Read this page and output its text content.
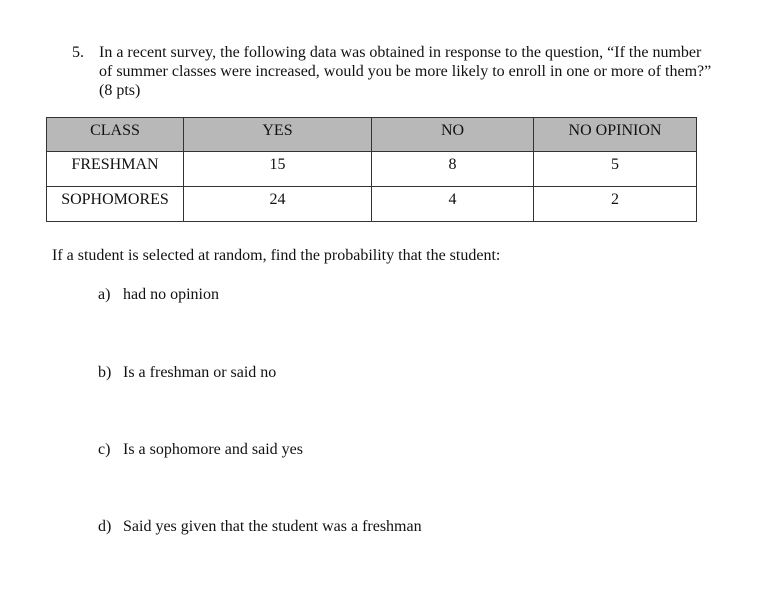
5. In a recent survey, the following data was obtained in response to the question, “If the number of summer classes were increased, would you be more likely to enroll in one or more of them?” (8 pts)
CLASS	YES	NO	NO OPINION
FRESHMAN	15	8	5
SOPHOMORES	24	4	2
If a student is selected at random, find the probability that the student:
a) had no opinion
b) Is a freshman or said no
c) Is a sophomore and said yes
d) Said yes given that the student was a freshman
